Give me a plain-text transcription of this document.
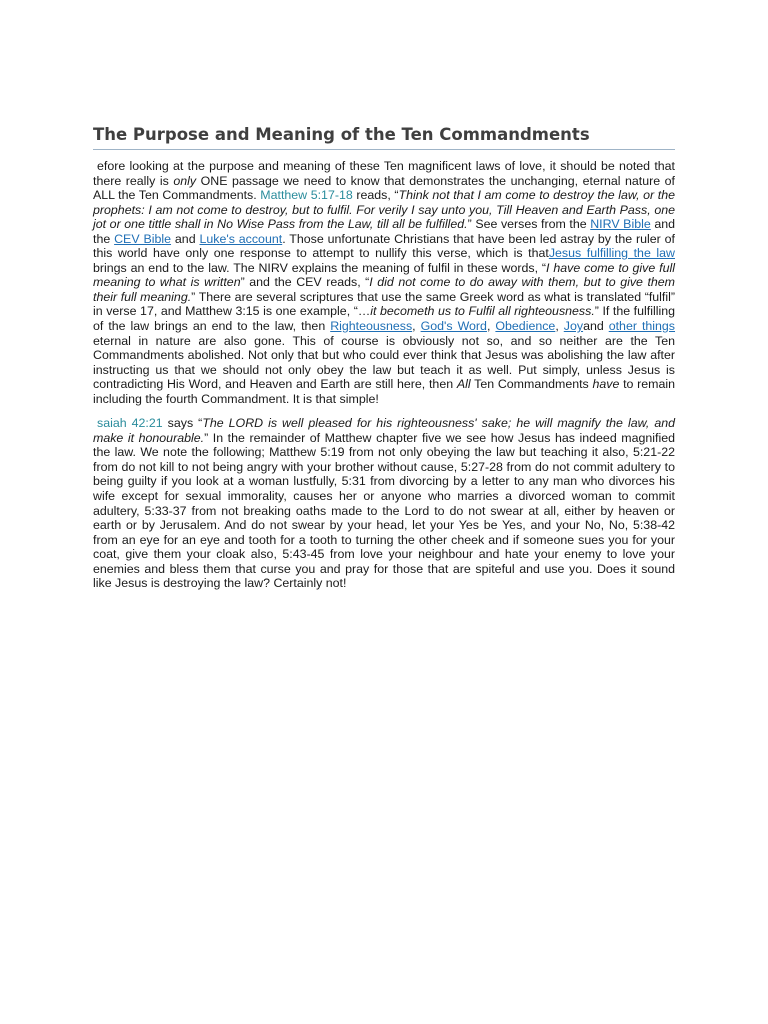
The Purpose and Meaning of the Ten Commandments

efore looking at the purpose and meaning of these Ten magnificent laws of love, it should be noted that there really is only ONE passage we need to know that demonstrates the unchanging, eternal nature of ALL the Ten Commandments. Matthew 5:17-18 reads, “Think not that I am come to destroy the law, or the prophets: I am not come to destroy, but to fulfil. For verily I say unto you, Till Heaven and Earth Pass, one jot or one tittle shall in No Wise Pass from the Law, till all be fulfilled.” See verses from the NIRV Bible and the CEV Bible and Luke's account. Those unfortunate Christians that have been led astray by the ruler of this world have only one response to attempt to nullify this verse, which is thatJesus fulfilling the law brings an end to the law. The NIRV explains the meaning of fulfil in these words, “I have come to give full meaning to what is written” and the CEV reads, “I did not come to do away with them, but to give them their full meaning.” There are several scriptures that use the same Greek word as what is translated “fulfil” in verse 17, and Matthew 3:15 is one example, “…it becometh us to Fulfil all righteousness.” If the fulfilling of the law brings an end to the law, then Righteousness, God's Word, Obedience, Joyand other things eternal in nature are also gone. This of course is obviously not so, and so neither are the Ten Commandments abolished. Not only that but who could ever think that Jesus was abolishing the law after instructing us that we should not only obey the law but teach it as well. Put simply, unless Jesus is contradicting His Word, and Heaven and Earth are still here, then All Ten Commandments have to remain including the fourth Commandment. It is that simple!

saiah 42:21 says “The LORD is well pleased for his righteousness' sake; he will magnify the law, and make it honourable.” In the remainder of Matthew chapter five we see how Jesus has indeed magnified the law. We note the following; Matthew 5:19 from not only obeying the law but teaching it also, 5:21-22 from do not kill to not being angry with your brother without cause, 5:27-28 from do not commit adultery to being guilty if you look at a woman lustfully, 5:31 from divorcing by a letter to any man who divorces his wife except for sexual immorality, causes her or anyone who marries a divorced woman to commit adultery, 5:33-37 from not breaking oaths made to the Lord to do not swear at all, either by heaven or earth or by Jerusalem. And do not swear by your head, let your Yes be Yes, and your No, No, 5:38-42 from an eye for an eye and tooth for a tooth to turning the other cheek and if someone sues you for your coat, give them your cloak also, 5:43-45 from love your neighbour and hate your enemy to love your enemies and bless them that curse you and pray for those that are spiteful and use you. Does it sound like Jesus is destroying the law? Certainly not!
